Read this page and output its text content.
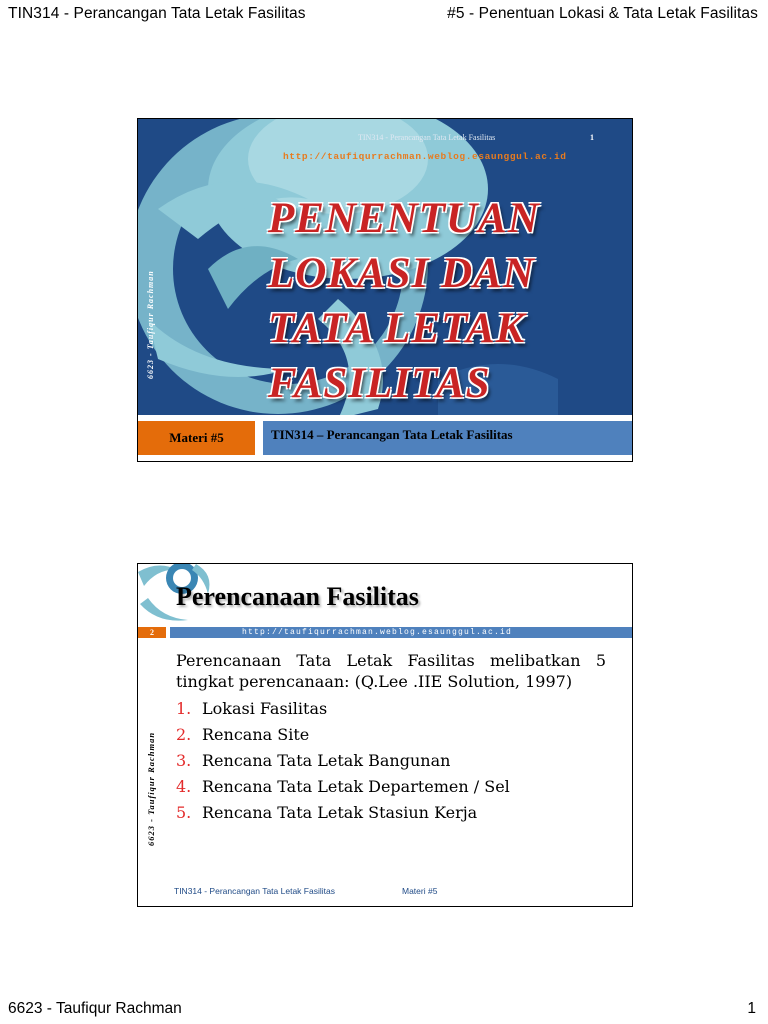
TIN314 - Perancangan Tata Letak Fasilitas	#5 - Penentuan Lokasi & Tata Letak Fasilitas
TIN314 - Perancangan Tata Letak Fasilitas	1
http://taufiqurrachman.weblog.esaunggul.ac.id
PENENTUAN
LOKASI DAN
TATA LETAK
FASILITAS
6623 - Taufiqur Rachman
Materi #5	TIN314 – Perancangan Tata Letak Fasilitas
Perencanaan Fasilitas
2	http://taufiqurrachman.weblog.esaunggul.ac.id
6623 - Taufiqur Rachman

Perencanaan Tata Letak Fasilitas melibatkan 5 tingkat perencanaan: (Q.Lee .IIE Solution, 1997)

1. Lokasi Fasilitas
2. Rencana Site
3. Rencana Tata Letak Bangunan
4. Rencana Tata Letak Departemen / Sel
5. Rencana Tata Letak Stasiun Kerja
TIN314 - Perancangan Tata Letak Fasilitas	Materi #5
6623 - Taufiqur Rachman	1
